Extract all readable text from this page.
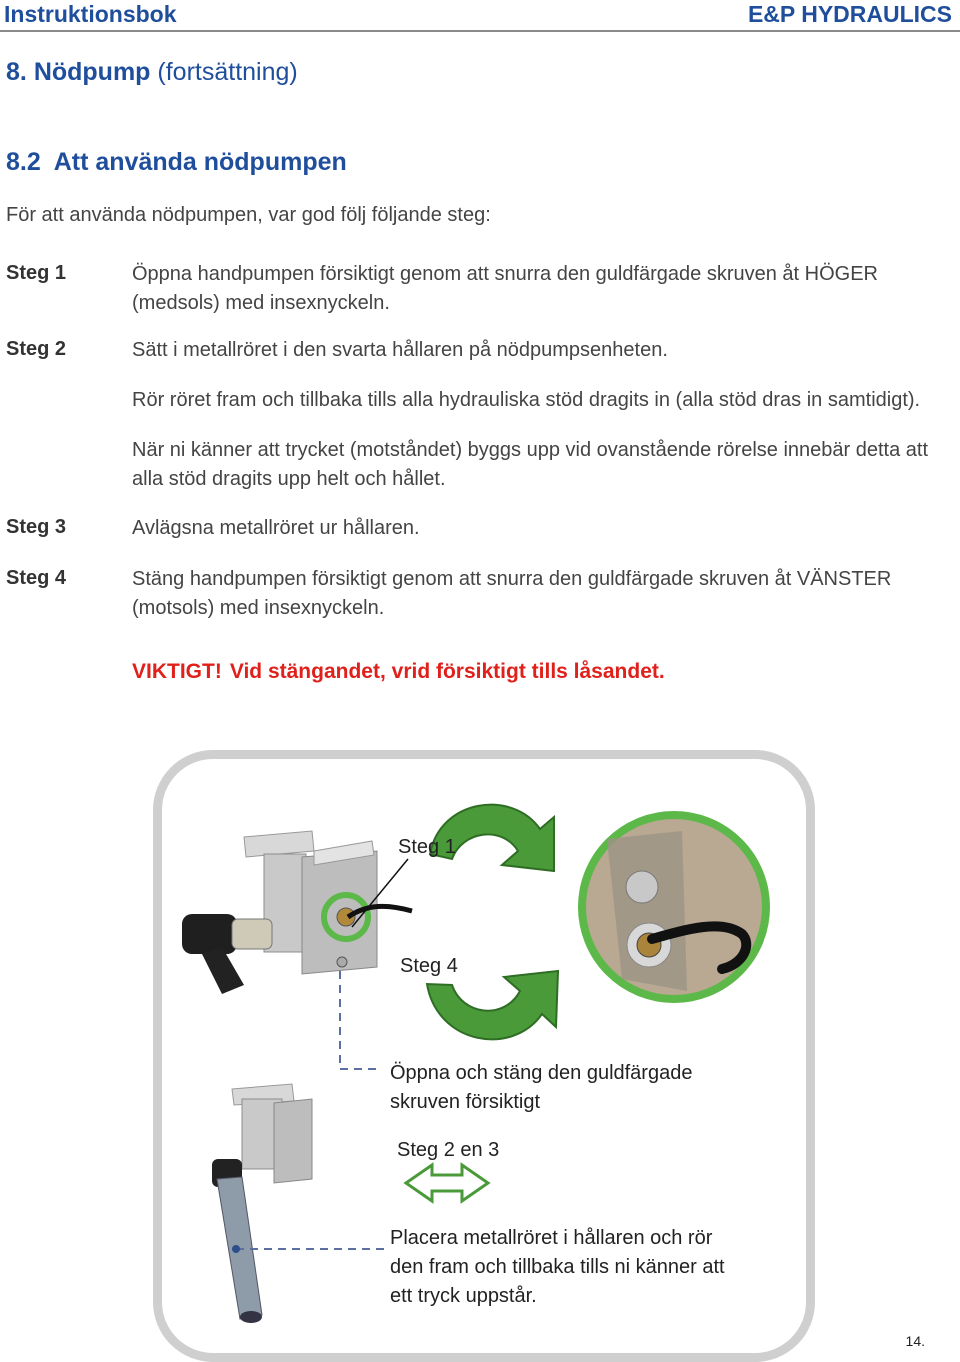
Instruktionsbok	E&P HYDRAULICS
8. Nödpump (fortsättning)
8.2  Att använda nödpumpen
För att använda nödpumpen, var god följ följande steg:
Steg 1	Öppna handpumpen försiktigt genom att snurra den guldfärgade skruven åt HÖGER (medsols) med insexnyckeln.
Steg 2	Sätt i metallröret i den svarta hållaren på nödpumpsenheten.
Rör röret fram och tillbaka tills alla hydrauliska stöd dragits in (alla stöd dras in samtidigt).
När ni känner att trycket (motståndet) byggs upp vid ovanstående rörelse innebär detta att alla stöd dragits upp helt och hållet.
Steg 3	Avlägsna metallröret ur hållaren.
Steg 4	Stäng handpumpen försiktigt genom att snurra den guldfärgade skruven åt VÄNSTER (motsols) med insexnyckeln.
VIKTIGT! Vid stängandet, vrid försiktigt tills låsandet.
Steg 1
Steg 4
Öppna och stäng den guldfärgade skruven försiktigt
Steg 2 en 3
Placera metallröret i hållaren och rör den fram och tillbaka tills ni känner att ett tryck uppstår.
14.
